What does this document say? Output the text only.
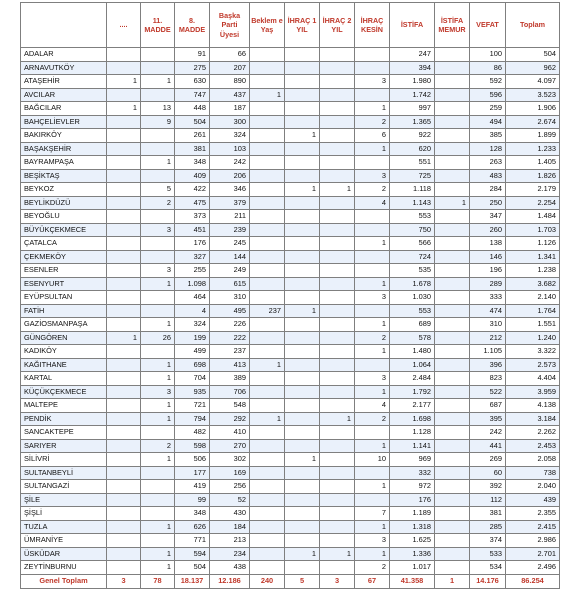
	....	11. MADDE	8. MADDE	Başka Parti Üyesi	Beklem e Yaş	İHRAÇ 1 YIL	İHRAÇ 2 YIL	İHRAÇ KESİN	İSTİFA	İSTİFA MEMUR	VEFAT	Toplam
ADALAR			91	66					247		100	504
ARNAVUTKÖY			275	207					394		86	962
ATAŞEHİR	1	1	630	890				3	1.980		592	4.097
AVCILAR			747	437	1				1.742		596	3.523
BAĞCILAR	1	13	448	187				1	997		259	1.906
BAHÇELİEVLER		9	504	300				2	1.365		494	2.674
BAKIRKÖY			261	324		1		6	922		385	1.899
BAŞAKŞEHİR			381	103				1	620		128	1.233
BAYRAMPAŞA		1	348	242					551		263	1.405
BEŞİKTAŞ			409	206				3	725		483	1.826
BEYKOZ		5	422	346		1	1	2	1.118		284	2.179
BEYLİKDÜZÜ		2	475	379				4	1.143	1	250	2.254
BEYOĞLU			373	211					553		347	1.484
BÜYÜKÇEKMECE		3	451	239					750		260	1.703
ÇATALCA			176	245				1	566		138	1.126
ÇEKMEKÖY			327	144					724		146	1.341
ESENLER		3	255	249					535		196	1.238
ESENYURT		1	1.098	615				1	1.678		289	3.682
EYÜPSULTAN			464	310				3	1.030		333	2.140
FATİH			4	495	237	1			553		474	1.764
GAZİOSMANPAŞA		1	324	226				1	689		310	1.551
GÜNGÖREN	1	26	199	222				2	578		212	1.240
KADIKÖY			499	237				1	1.480		1.105	3.322
KAĞITHANE		1	698	413	1				1.064		396	2.573
KARTAL		1	704	389				3	2.484		823	4.404
KÜÇÜKÇEKMECE		3	935	706				1	1.792		522	3.959
MALTEPE		1	721	548				4	2.177		687	4.138
PENDİK		1	794	292	1		1	2	1.698		395	3.184
SANCAKTEPE			482	410					1.128		242	2.262
SARIYER		2	598	270				1	1.141		441	2.453
SİLİVRİ		1	506	302		1		10	969		269	2.058
SULTANBEYLİ			177	169					332		60	738
SULTANGAZİ			419	256				1	972		392	2.040
ŞİLE			99	52					176		112	439
ŞİŞLİ			348	430				7	1.189		381	2.355
TUZLA		1	626	184				1	1.318		285	2.415
ÜMRANİYE			771	213				3	1.625		374	2.986
ÜSKÜDAR		1	594	234		1	1	1	1.336		533	2.701
ZEYTİNBURNU		1	504	438				2	1.017		534	2.496
Genel Toplam	3	78	18.137	12.186	240	5	3	67	41.358	1	14.176	86.254
